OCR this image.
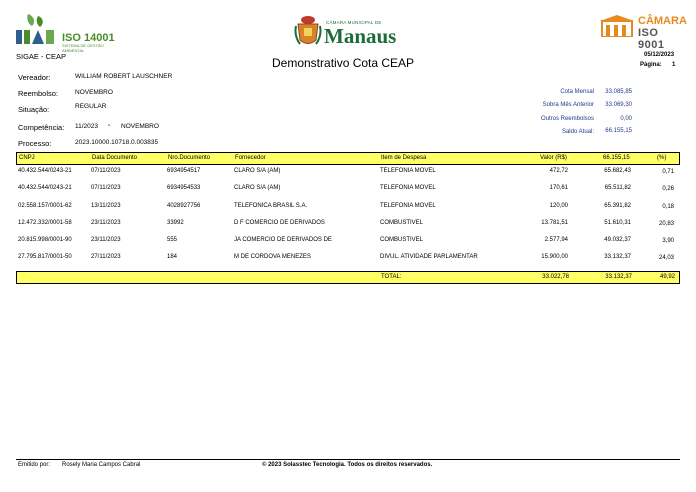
ISO 14001
SISTEMA DE GESTÃO AMBIENTAL
SIGAE - CEAP
CÂMARA MUNICIPAL DE
Manaus
CÂMARA
ISO 9001
Demonstrativo Cota CEAP
05/12/2023
Página: 1
Vereador:	WILLIAM ROBERT LAUSCHNER
Reembolso:	NOVEMBRO
Situação:	REGULAR
Competência: 11/2023 - NOVEMBRO
Processo:	2023.10000.10718.0.003835
Cota Mensal	33.085,85
Sobra Mês Anterior	33.069,30
Outros Reembolsos	0,00
Saldo Atual:	66.155,15
CNPJ	Data Documento	Nro.Documento	Fornecedor	Item de Despesa	Valor (R$)	66.155,15	(%)
40.432.544/0243-21	07/11/2023	6934954517	CLARO S/A (AM)	TELEFONIA MOVEL	472,72	65.682,43	0,71
40.432.544/0243-21	07/11/2023	6934954533	CLARO S/A (AM)	TELEFONIA MOVEL	170,61	65.511,82	0,26
02.558.157/0001-62	13/11/2023	4028927756	TELEFONICA BRASIL S.A.	TELEFONIA MOVEL	120,00	65.391,82	0,18
12.472.332/0001-58	23/11/2023	33992	D F COMERCIO DE DERIVADOS	COMBUSTIVEL	13.781,51	51.610,31	20,83
20.815.998/0001-90	23/11/2023	555	JA COMERCIO DE DERIVADOS DE	COMBUSTIVEL	2.577,94	49.032,37	3,90
27.795.817/0001-50	27/11/2023	184	M DE CORDOVA MENEZES	DIVUL. ATIVIDADE PARLAMENTAR	15.900,00	33.132,37	24,03
TOTAL:	33.022,78	33.132,37	49,92
Emitido por: Rosely Maria Campos Cabral	© 2023 Solasstec Tecnologia. Todos os direitos reservados.
